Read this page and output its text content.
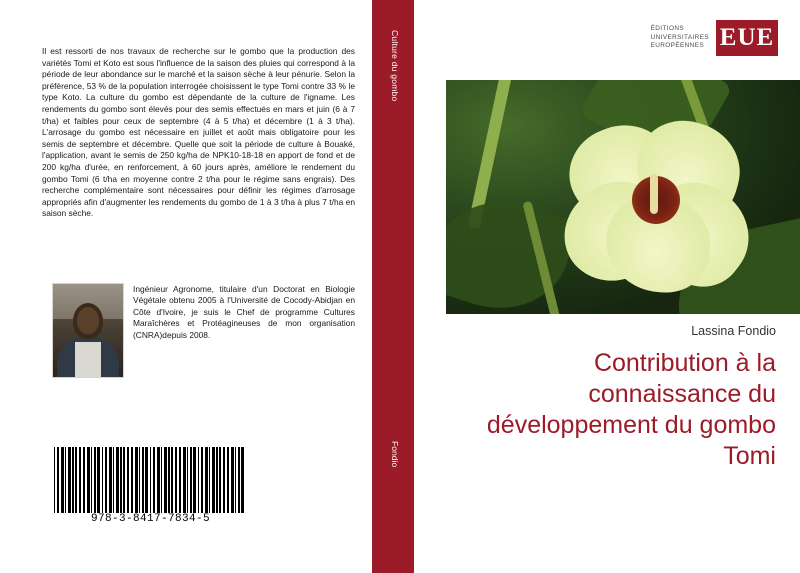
Il est ressorti de nos travaux de recherche sur le gombo que la production des variétés Tomi et Koto est sous l'influence de la saison des pluies qui correspond à la période de leur abondance sur le marché et la saison sèche à leur pénurie. Selon la préférence, 53 % de la population interrogée choisissent le type Tomi contre 33 % le type Koto. La culture du gombo est dépendante de la culture de l'igname. Les rendements du gombo sont élevés pour des semis effectués en mars et juin (6 à 7 t/ha) et faibles pour ceux de septembre (4 à 5 t/ha) et décembre (1 à 3 t/ha). L'arrosage du gombo est nécessaire en juillet et août mais obligatoire pour les semis de septembre et décembre. Quelle que soit la période de culture à Bouaké, l'application, avant le semis de 250 kg/ha de NPK10-18-18 en apport de fond et de 200 kg/ha d'urée, en renforcement, à 60 jours après, améliore le rendement du gombo Tomi (6 t/ha en moyenne contre 2 t/ha pour le régime sans engrais). Des recherche complémentaire sont nécessaires pour définir les régimes d'arrosage appropriés afin d'augmenter les rendements du gombo de 1 à 3 t/ha à plus 7 t/ha en saison sèche.
Ingénieur Agronome, titulaire d'un Doctorat en Biologie Végétale obtenu 2005 à l'Université de Cocody-Abidjan en Côte d'Ivoire, je suis le Chef de programme Cultures Maraîchères et Protéagineuses de mon organisation (CNRA)depuis 2008.
978-3-8417-7834-5
Culture du gombo
Fondio
ÉDITIONS
UNIVERSITAIRES
EUROPÉENNES EUE
Lassina Fondio
Contribution à la connaissance du développement du gombo Tomi
